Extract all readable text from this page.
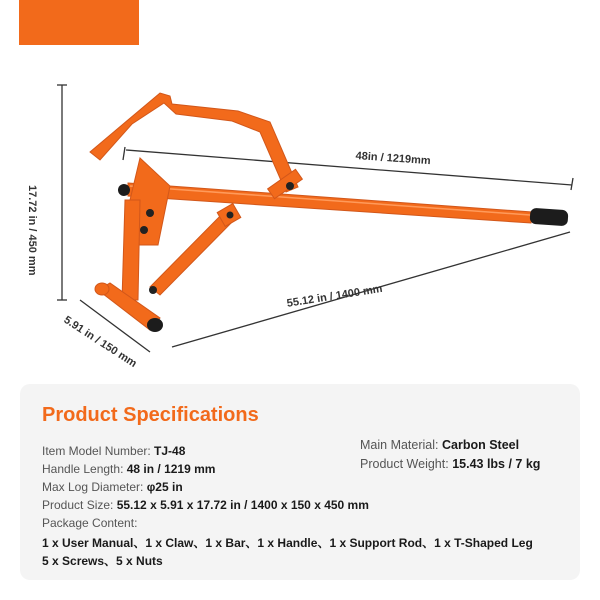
17.72 in / 450 mm
5.91 in / 150 mm
48in / 1219mm
55.12 in / 1400 mm
Product Specifications
Item Model Number: TJ-48
Handle Length: 48 in / 1219 mm
Max Log Diameter: φ25 in
Product Size: 55.12 x 5.91 x 17.72 in / 1400 x 150 x 450 mm
Package Content:
1 x User Manual、1 x Claw、1 x Bar、1 x Handle、1 x Support Rod、1 x T-Shaped Leg
5 x Screws、5 x Nuts
Main Material: Carbon Steel
Product Weight: 15.43 lbs / 7 kg
